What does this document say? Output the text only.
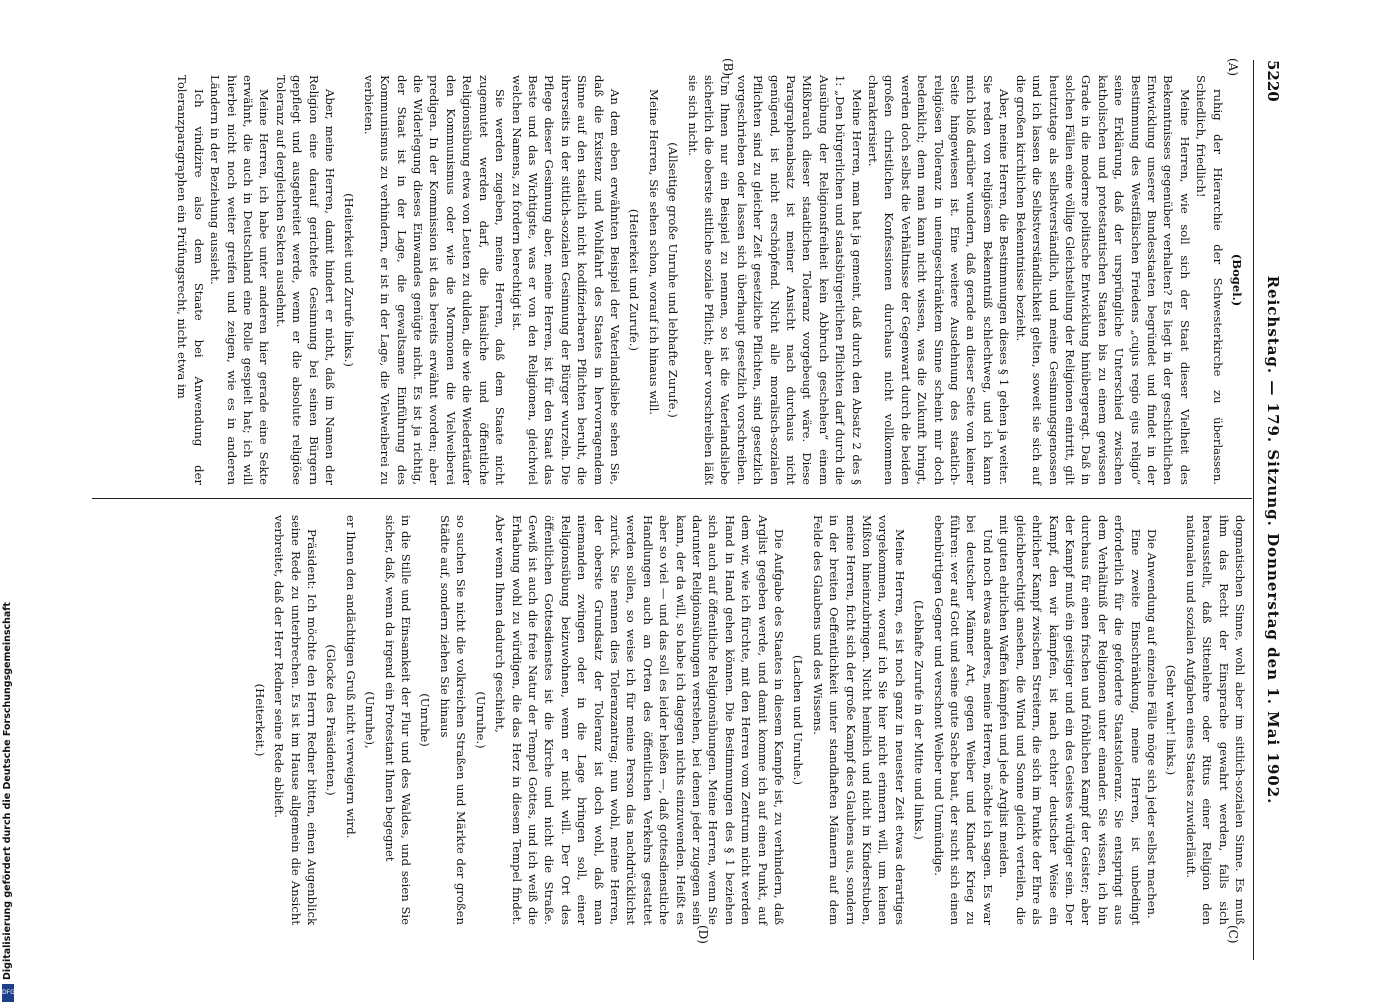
5220
Reichstag. — 179. Sitzung. Donnerstag den 1. Mai 1902.
(A)
(B)
(C)
(D)

(Bogel.)

ruhig der Hierarchie der Schwesterkirche zu überlassen. Schiedlich, friedlich!

Meine Herren, wie soll sich der Staat dieser Vielheit des Bekenntnisses gegenüber verhalten? Es liegt in der geschichtlichen Entwicklung unserer Bundesstaaten begründet und findet in der Bestimmung des Westfälischen Friedens „cujus regio ejus religio“ seine Erklärung, daß der ursprüngliche Unterschied zwischen katholischen und protestantischen Staaten bis zu einem gewissen Grade in die moderne politische Entwicklung hinübergeragt. Daß in solchen Fällen eine völlige Gleichstellung der Religionen eintritt, gilt heutzutage als selbstverständlich, und meine Gesinnungsgenossen und ich lassen die Selbstverständlichkeit gelten, soweit sie sich auf die großen kirchlichen Bekenntnisse bezieht.

Aber, meine Herren, die Bestimmungen dieses § 1 gehen ja weiter. Sie reden von religiösem Bekenntniß schlechtweg, und ich kann mich bloß darüber wundern, daß gerade an dieser Seite von keiner Seite hingewiesen ist. Eine weitere Ausdehnung des staatlich-religiösen Toleranz in uneingeschränktem Sinne scheint mir doch bedenklich; denn man kann nicht wissen, was die Zukunft bringt, werden doch selbst die Verhältnisse der Gegenwart durch die beiden großen christlichen Konfessionen durchaus nicht vollkommen charakterisiert.

Meine Herren, man hat ja gemeint, daß durch den Absatz 2 des § 1: „Den bürgerlichen und staatsbürgerlichen Pflichten darf durch die Ausübung der Religionsfreiheit kein Abbruch geschehen“ einem Mißbrauch dieser staatlichen Toleranz vorgebeugt wäre. Diese Paragraphenabsatz ist meiner Ansicht nach durchaus nicht genügend, ist nicht erschöpfend. Nicht alle moralisch-sozialen Pflichten sind zu gleicher Zeit gesetzliche Pflichten, sind gesetzlich vorgeschrieben oder lassen sich überhaupt gesetzlich vorschreiben. Um Ihnen nur ein Beispiel zu nennen, so ist die Vaterlandsliebe sicherlich die oberste sittliche soziale Pflicht; aber vorschreiben läßt sie sich nicht.

(Allseitige große Unruhe und lebhafte Zurufe.)

Meine Herren, Sie sehen schon, worauf ich hinaus will.

(Heiterkeit und Zurufe.)

An dem eben erwähnten Beispiel der Vaterlandsliebe sehen Sie, daß die Existenz und Wohlfahrt des Staates in hervorragendem Sinne auf den staatlich nicht kodifizierbaren Pflichten beruht, die ihrerseits in der sittlich-sozialen Gesinnung der Bürger wurzeln. Die Pflege dieser Gesinnung aber, meine Herren, ist für den Staat das Beste und das Wichtigste, was er von den Religionen, gleichviel welchen Namens, zu fordern berechtigt ist.

Sie werden zugeben, meine Herren, daß dem Staate nicht zugemutet werden darf, die häusliche und öffentliche Religionsübung etwa von Leuten zu dulden, die wie die Wiedertäufer den Kommunismus oder wie die Mormonen die Vielweiberei predigen. In der Kommission ist das bereits erwähnt worden; aber die Widerlegung dieses Einwandes genügte nicht. Es ist ja richtig, der Staat ist in der Lage, die gewaltsame Einführung des Kommunismus zu verhindern, er ist in der Lage, die Vielweiberei zu verbieten.

(Heiterkeit und Zurufe links.)

Aber, meine Herren, damit hindert er nicht, daß im Namen der Religion eine darauf gerichtete Gesinnung bei seinen Bürgern gepflegt und ausgebreitet werde, wenn er die absolute religiöse Toleranz auf dergleichen Sekten ausdehnt.

Meine Herren, ich habe unter anderen hier gerade eine Sekte erwähnt, die auch in Deutschland eine Rolle gespielt hat; ich will hierbei nicht noch weiter greifen und zeigen, wie es in anderen Ländern in der Beziehung aussieht.

Ich vindizire also dem Staate bei Anwendung der Toleranzparagraphen ein Prüfungsrecht, nicht etwa im

dogmatischen Sinne, wohl aber im sittlich-sozialen Sinne. Es muß ihm das Recht der Einsprache gewahrt werden, falls sich herausstellt, daß Sittenlehre oder Ritus einer Religion den nationalen und sozialen Aufgaben eines Staates zuwiderläuft.

(Sehr wahr! links.)

Die Anwendung auf einzelne Fälle möge sich jeder selbst machen.

Eine zweite Einschränkung, meine Herren, ist unbedingt erforderlich für die geforderte Staatstoleranz. Sie entspringt aus dem Verhältniß der Religionen unter einander. Sie wissen, ich bin durchaus für einen frischen und fröhlichen Kampf der Geister; aber der Kampf muß ein geistiger und ein des Geistes würdiger sein. Der Kampf, den wir kämpfen, ist nach echter deutscher Weise ein ehrlicher Kampf zwischen Streitern, die sich im Punkte der Ehre als gleichberechtigt ansehen, die Wind und Sonne gleich verteilen, die mit guten ehrlichen Waffen kämpfen und jede Arglist meiden.

Und noch etwas anderes, meine Herren, möchte ich sagen. Es war bei deutscher Männer Art, gegen Weiber und Kinder Krieg zu führen: wer auf Gott und seine gute Sache baut, der sucht sich einen ebenbürtigen Gegner und verschont Weiber und Unmündige.

(Lebhafte Zurufe in der Mitte und links.)

Meine Herren, es ist noch ganz in neuester Zeit etwas derartiges vorgekommen, worauf ich Sie hier nicht erinnern will, um keinen Mißton hineinzubringen. Nicht heimlich und nicht in Kinderstuben, meine Herren, ficht sich der große Kampf des Glaubens aus, sondern in der breiten Oeffentlichkeit unter standhaften Männern auf dem Felde des Glaubens und des Wissens.

(Lachen und Unruhe.)

Die Aufgabe des Staates in diesem Kampfe ist, zu verhindern, daß Arglist gegeben werde, und damit komme ich auf einen Punkt, auf dem wir, wie ich fürchte, mit den Herren vom Zentrum nicht werden Hand in Hand gehen können. Die Bestimmungen des § 1 beziehen sich auch auf öffentliche Religionsübungen. Meine Herren, wenn Sie darunter Religionsübungen verstehen, bei denen jeder zugegen sein kann, der da will, so habe ich dagegen nichts einzuwenden. Heißt es aber so viel — und das soll es leider heißen —, daß gottesdienstliche Handlungen auch an Orten des öffentlichen Verkehrs gestattet werden sollen, so weise ich für meine Person das nachdrücklichst zurück. Sie nennen dies Toleranzantrag; nun wohl, meine Herren, der oberste Grundsatz der Toleranz ist doch wohl, daß man niemanden zwingen oder in die Lage bringen soll, einer Religionsübung beizuwohnen, wenn er nicht will. Der Ort des öffentlichen Gottesdienstes ist die Kirche und nicht die Straße. Gewiß ist auch die freie Natur der Tempel Gottes, und ich weiß die Erhabung wohl zu würdigen, die das Herz in diesem Tempel findet. Aber wenn Ihnen dadurch geschieht,

(Unruhe.)

so suchen Sie nicht die volkreichen Straßen und Märkte der großen Städte auf, sondern ziehen Sie hinaus

(Unruhe)

in die Stille und Einsamkeit der Flur und des Waldes, und seien Sie sicher, daß, wenn da irgend ein Protestant Ihnen begegnet

(Unruhe),

er Ihnen den andächtigen Gruß nicht verweigern wird.

(Glocke des Präsidenten.)

Präsident: Ich möchte den Herrn Redner bitten, einen Augenblick seine Rede zu unterbrechen. Es ist im Hause allgemein die Ansicht verbreitet, daß der Herr Redner seine Rede ablieft.

(Heiterkeit.)

DFG
Digitalisierung gefördert durch die Deutsche Forschungsgemeinschaft
